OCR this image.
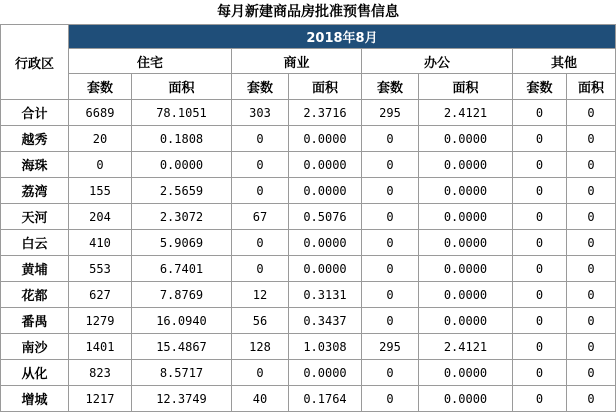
每月新建商品房批准预售信息
行政区	2018年8月							
	住宅		商业		办公		其他	
	套数	面积	套数	面积	套数	面积	套数	面积
合计	6689	78.1051	303	2.3716	295	2.4121	0	0
越秀	20	0.1808	0	0.0000	0	0.0000	0	0
海珠	0	0.0000	0	0.0000	0	0.0000	0	0
荔湾	155	2.5659	0	0.0000	0	0.0000	0	0
天河	204	2.3072	67	0.5076	0	0.0000	0	0
白云	410	5.9069	0	0.0000	0	0.0000	0	0
黄埔	553	6.7401	0	0.0000	0	0.0000	0	0
花都	627	7.8769	12	0.3131	0	0.0000	0	0
番禺	1279	16.0940	56	0.3437	0	0.0000	0	0
南沙	1401	15.4867	128	1.0308	295	2.4121	0	0
从化	823	8.5717	0	0.0000	0	0.0000	0	0
增城	1217	12.3749	40	0.1764	0	0.0000	0	0
